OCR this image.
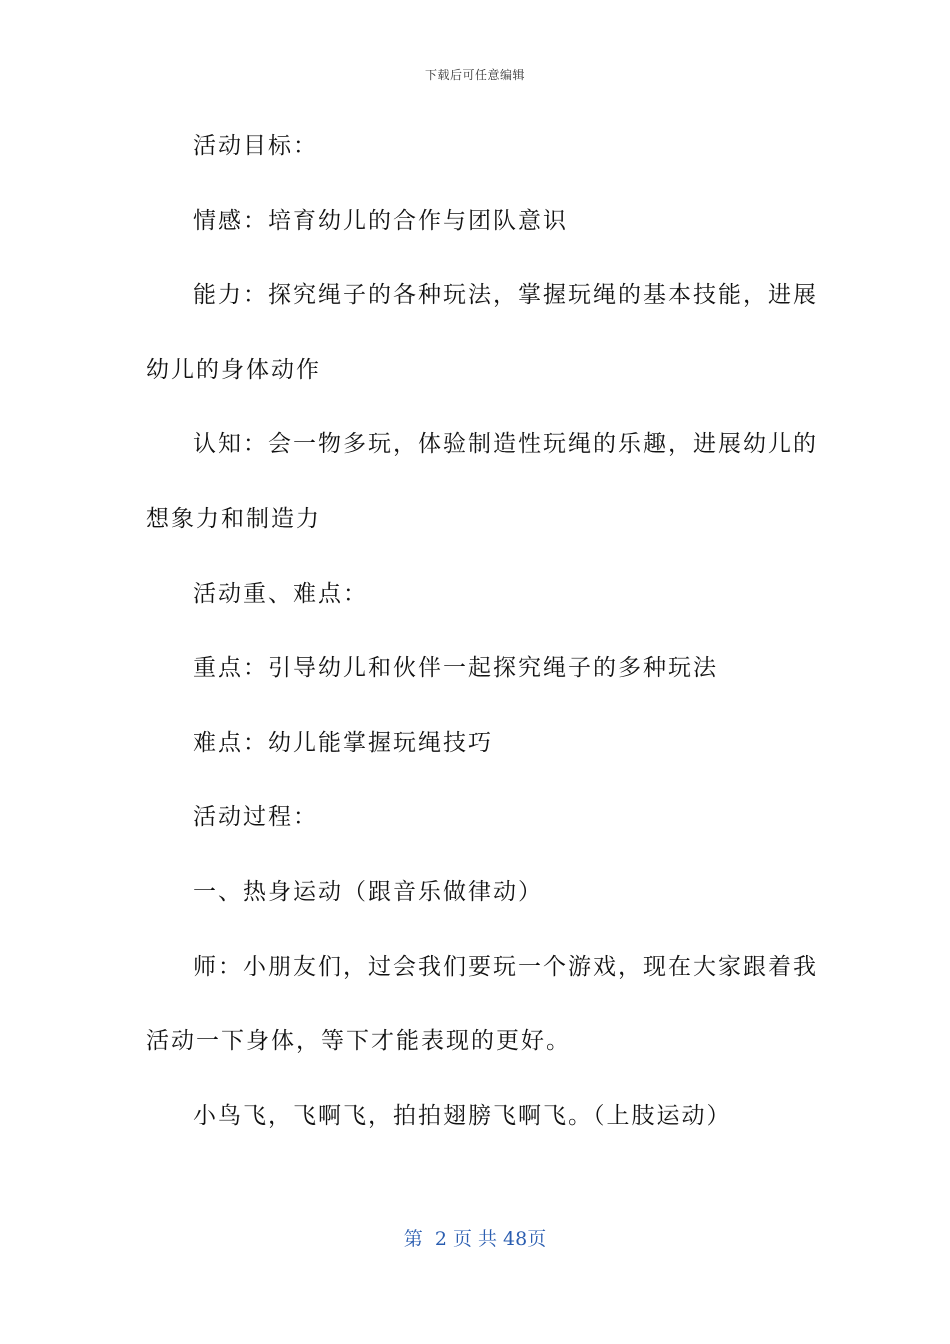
下载后可任意编辑
活动目标：
情感：培育幼儿的合作与团队意识
能力：探究绳子的各种玩法，掌握玩绳的基本技能，进展
幼儿的身体动作
认知：会一物多玩，体验制造性玩绳的乐趣，进展幼儿的
想象力和制造力
活动重、难点：
重点：引导幼儿和伙伴一起探究绳子的多种玩法
难点：幼儿能掌握玩绳技巧
活动过程：
一、热身运动（跟音乐做律动）
师：小朋友们，过会我们要玩一个游戏，现在大家跟着我
活动一下身体，等下才能表现的更好。
小鸟飞，飞啊飞，拍拍翅膀飞啊飞。（上肢运动）
第  2 页 共 48页
